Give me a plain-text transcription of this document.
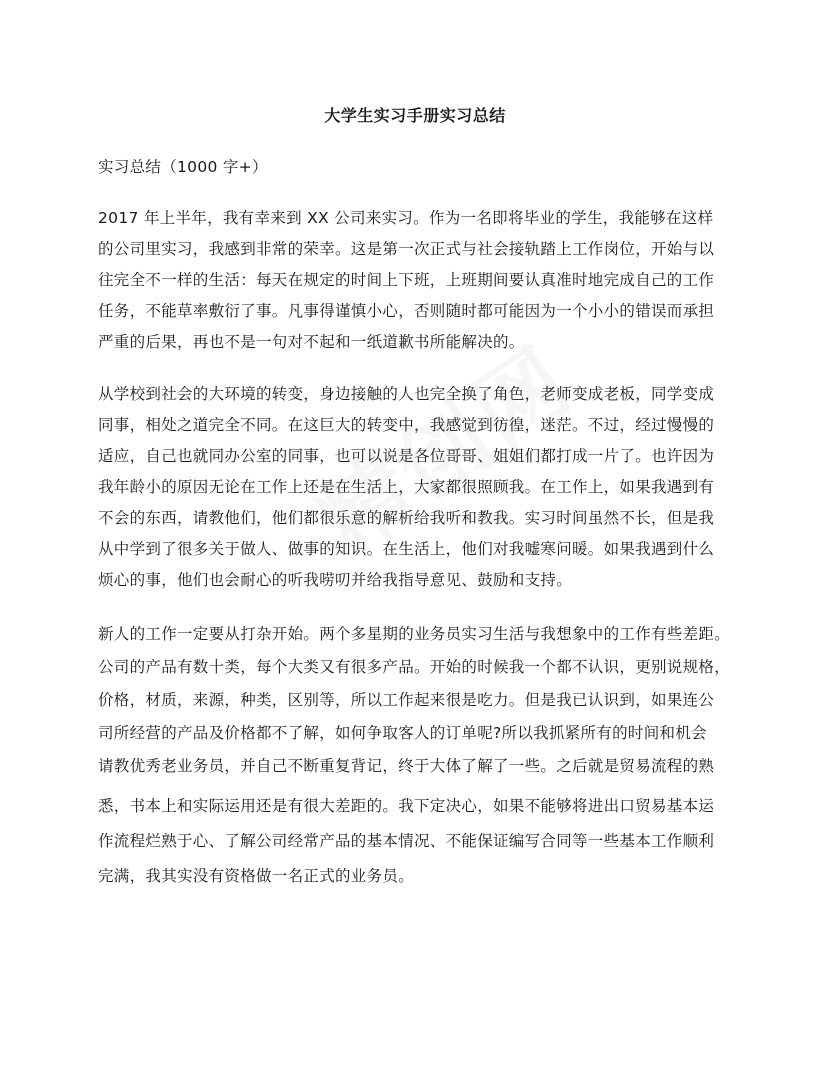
大学生实习手册实习总结
实习总结（1000 字+）
2017 年上半年，我有幸来到 XX 公司来实习。作为一名即将毕业的学生，我能够在这样
的公司里实习，我感到非常的荣幸。这是第一次正式与社会接轨踏上工作岗位，开始与以
往完全不一样的生活：每天在规定的时间上下班，上班期间要认真准时地完成自己的工作
任务，不能草率敷衍了事。凡事得谨慎小心，否则随时都可能因为一个小小的错误而承担
严重的后果，再也不是一句对不起和一纸道歉书所能解决的。
从学校到社会的大环境的转变，身边接触的人也完全换了角色，老师变成老板，同学变成
同事，相处之道完全不同。在这巨大的转变中，我感觉到彷徨，迷茫。不过，经过慢慢的
适应，自己也就同办公室的同事，也可以说是各位哥哥、姐姐们都打成一片了。也许因为
我年龄小的原因无论在工作上还是在生活上，大家都很照顾我。在工作上，如果我遇到有
不会的东西，请教他们，他们都很乐意的解析给我听和教我。实习时间虽然不长，但是我
从中学到了很多关于做人、做事的知识。在生活上，他们对我嘘寒问暖。如果我遇到什么
烦心的事，他们也会耐心的听我唠叨并给我指导意见、鼓励和支持。
新人的工作一定要从打杂开始。两个多星期的业务员实习生活与我想象中的工作有些差距。
公司的产品有数十类，每个大类又有很多产品。开始的时候我一个都不认识，更别说规格，
价格，材质，来源，种类，区别等，所以工作起来很是吃力。但是我已认识到，如果连公
司所经营的产品及价格都不了解，如何争取客人的订单呢?所以我抓紧所有的时间和机会
请教优秀老业务员，并自己不断重复背记，终于大体了解了一些。之后就是贸易流程的熟
悉，书本上和实际运用还是有很大差距的。我下定决心，如果不能够将进出口贸易基本运
作流程烂熟于心、了解公司经常产品的基本情况、不能保证编写合同等一些基本工作顺利
完满，我其实没有资格做一名正式的业务员。
